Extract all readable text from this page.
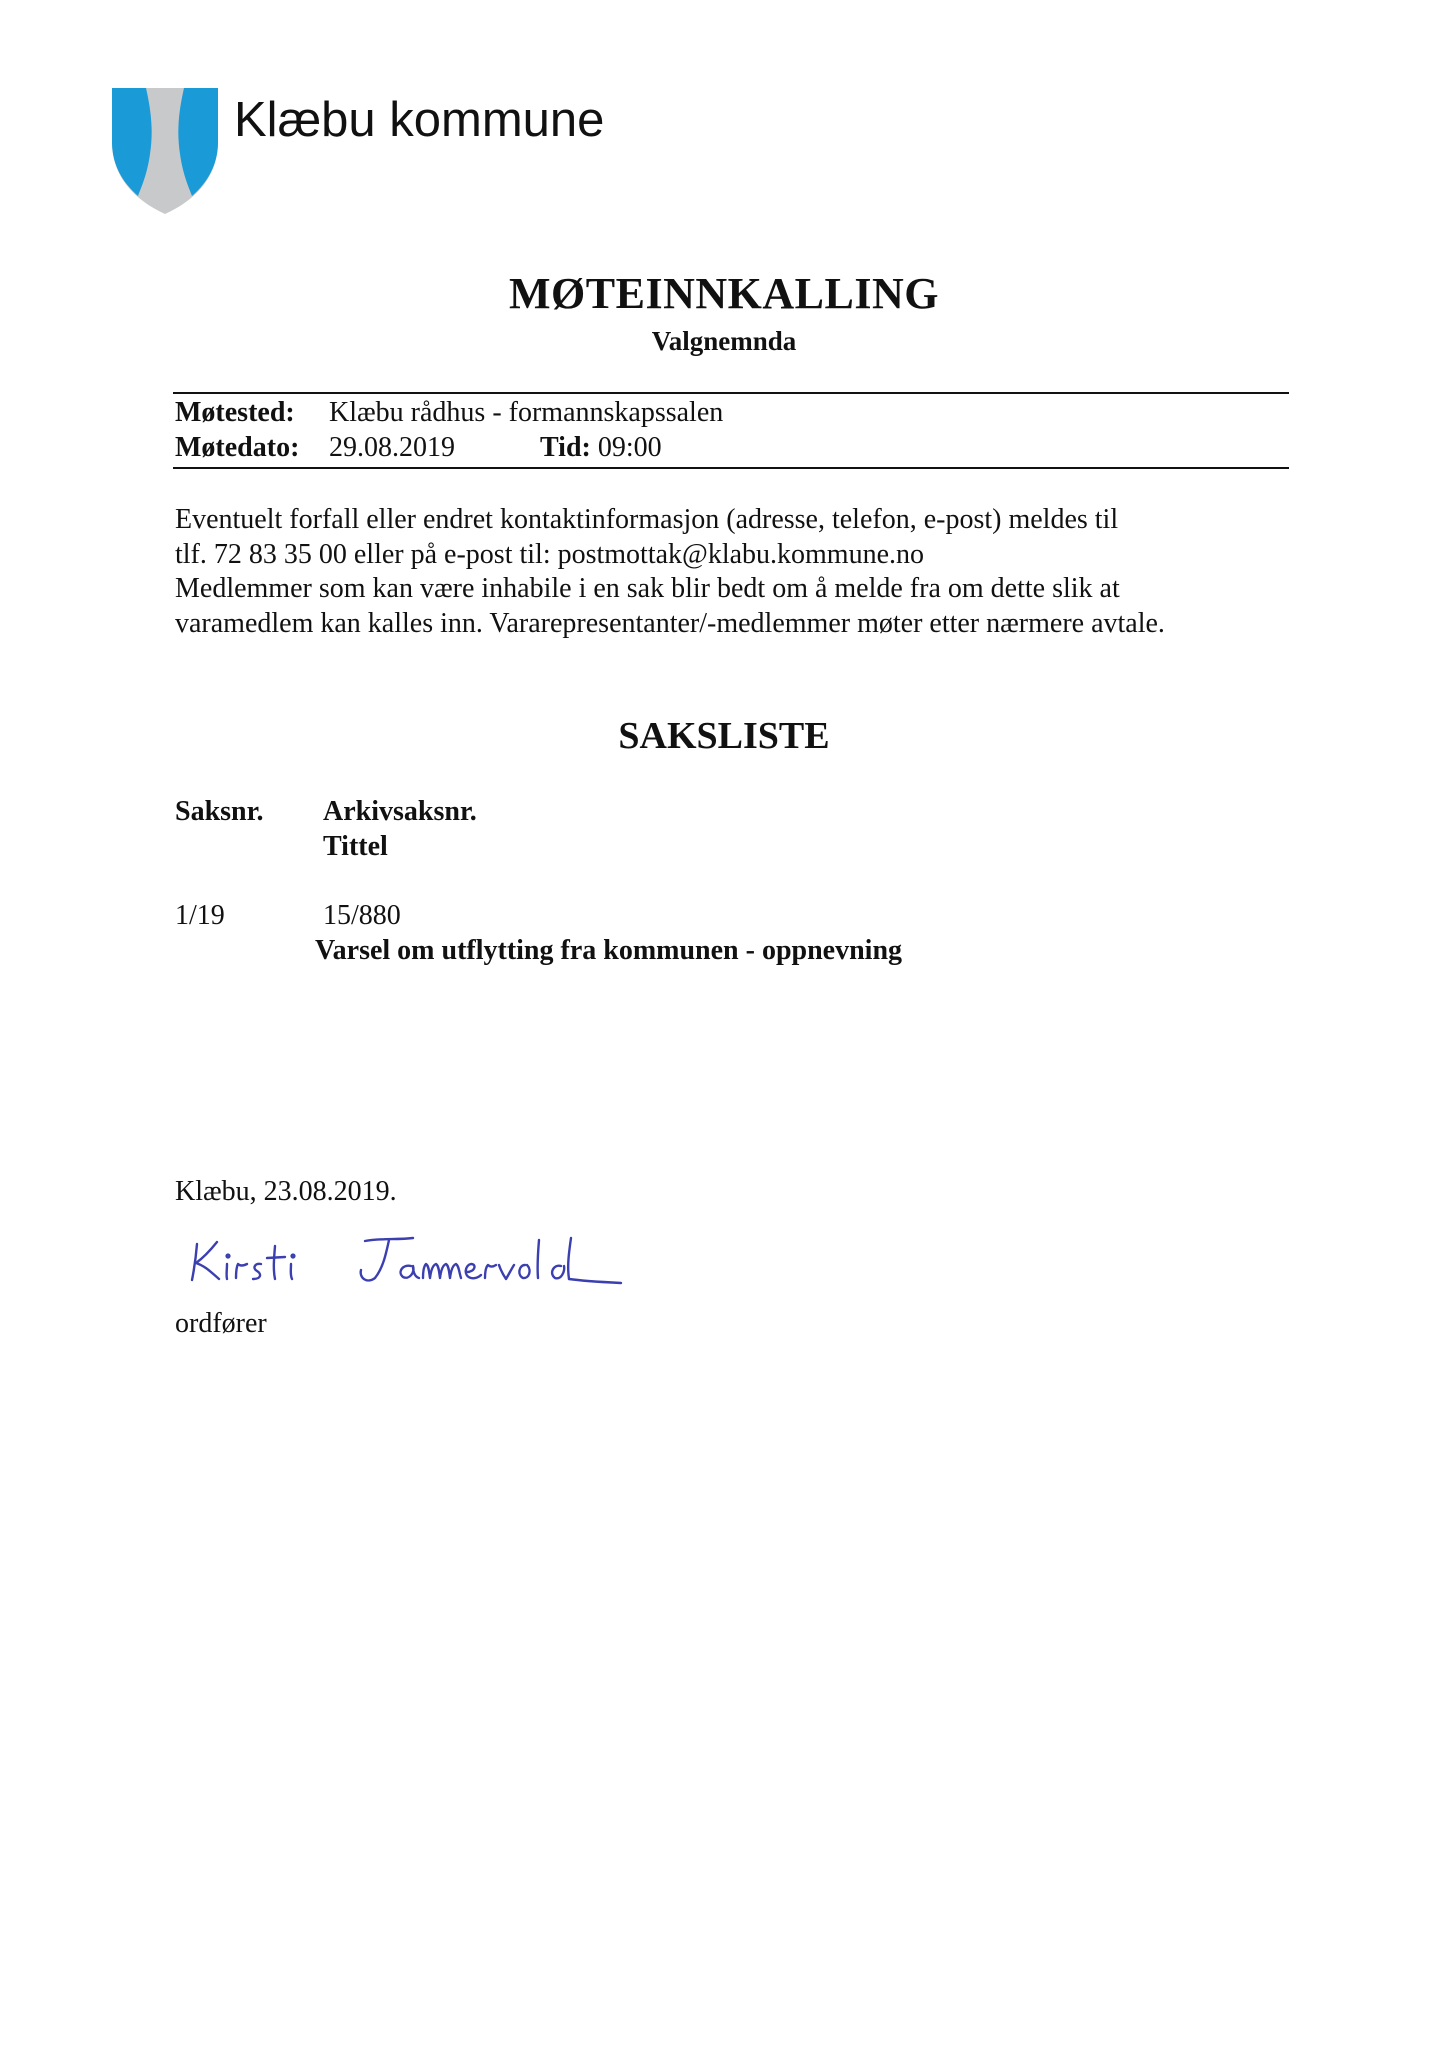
Klæbu kommune
MØTEINNKALLING
Valgnemnda
Møtested: Klæbu rådhus - formannskapssalen
Møtedato: 29.08.2019	Tid: 09:00
Eventuelt forfall eller endret kontaktinformasjon (adresse, telefon, e-post) meldes til
tlf. 72 83 35 00 eller på e-post til: postmottak@klabu.kommune.no
Medlemmer som kan være inhabile i en sak blir bedt om å melde fra om dette slik at
varamedlem kan kalles inn. Vararepresentanter/-medlemmer møter etter nærmere avtale.
SAKSLISTE
Saksnr. Arkivsaksnr.
Tittel
1/19	15/880
Varsel om utflytting fra kommunen - oppnevning
Klæbu, 23.08.2019.
ordfører
